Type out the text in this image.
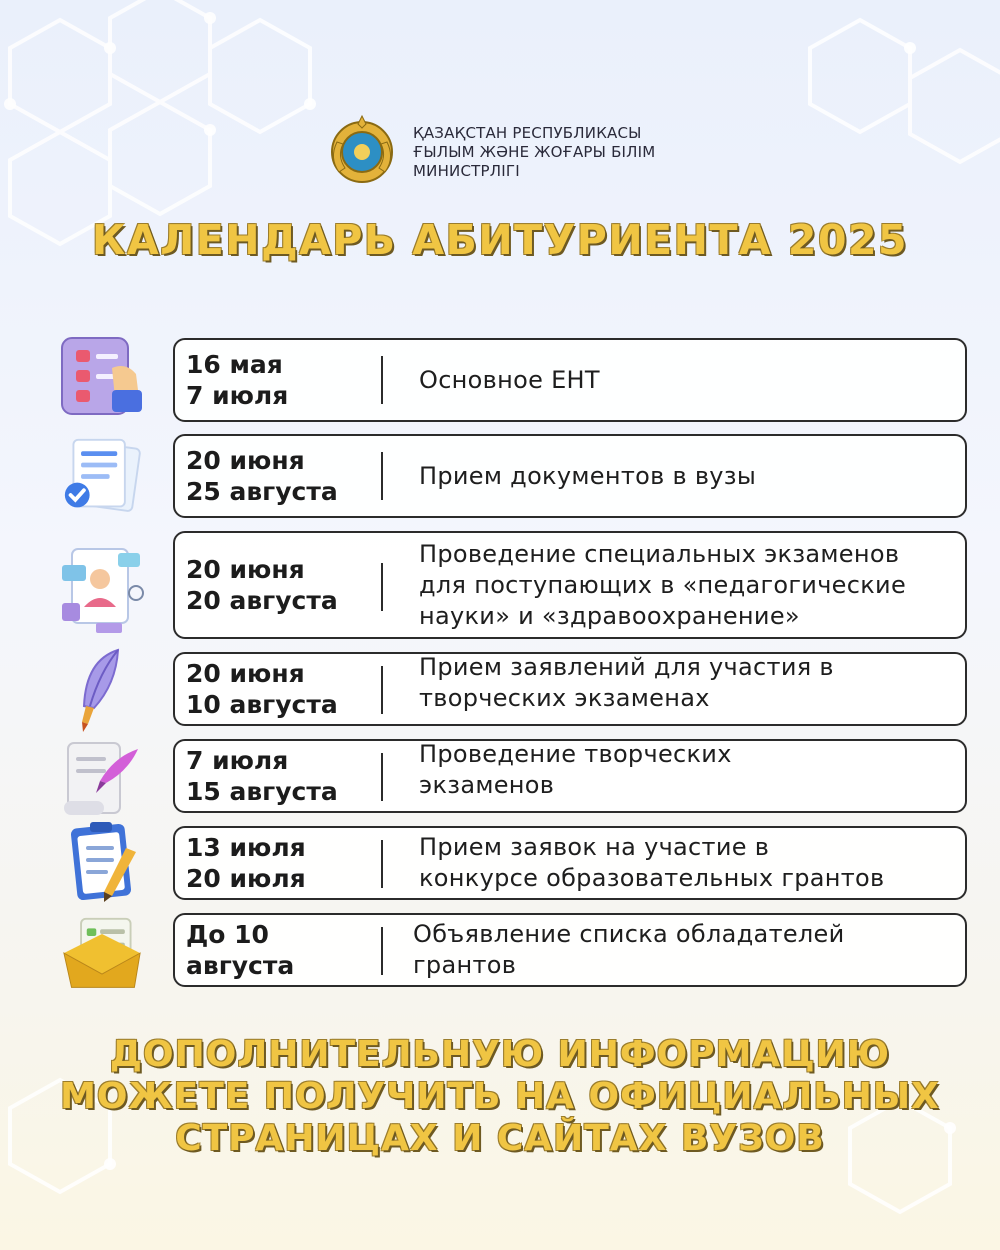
ҚАЗАҚСТАН РЕСПУБЛИКАСЫ
ҒЫЛЫМ ЖӘНЕ ЖОҒАРЫ БІЛІМ
МИНИСТРЛІГІ
КАЛЕНДАРЬ АБИТУРИЕНТА 2025
16 мая
7 июля
Основное ЕНТ
20 июня
25 августа
Прием документов в вузы
20 июня
20 августа
Проведение специальных экзаменов
для поступающих в «педагогические
науки» и «здравоохранение»
20 июня
10 августа
Прием заявлений для участия в
творческих экзаменах
7 июля
15 августа
Проведение творческих
экзаменов
13 июля
20 июля
Прием заявок на участие в
конкурсе образовательных грантов
До 10
августа
Объявление списка обладателей
грантов
ДОПОЛНИТЕЛЬНУЮ ИНФОРМАЦИЮ
МОЖЕТЕ ПОЛУЧИТЬ НА ОФИЦИАЛЬНЫХ
СТРАНИЦАХ И САЙТАХ ВУЗОВ
